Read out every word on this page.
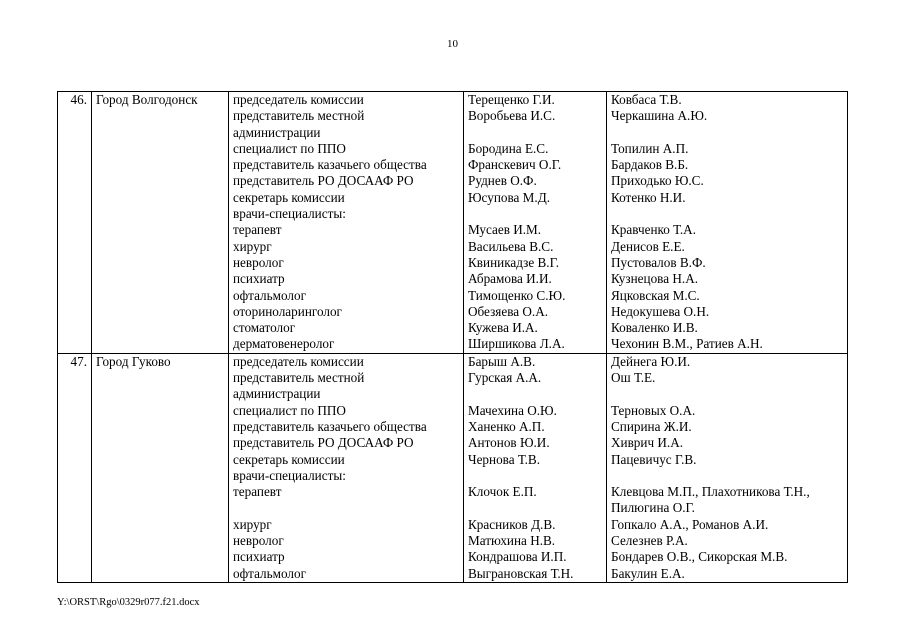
10
46.	Город Волгодонск	председатель комиссии	Терещенко Г.И.	Ковбаса Т.В.
		представитель местной	Воробьева И.С.	Черкашина А.Ю.
		администрации		
		специалист по ППО	Бородина Е.С.	Топилин А.П.
		представитель казачьего общества	Франскевич О.Г.	Бардаков В.Б.
		представитель РО ДОСААФ РО	Руднев О.Ф.	Приходько Ю.С.
		секретарь комиссии	Юсупова М.Д.	Котенко Н.И.
		врачи-специалисты:		
		терапевт	Мусаев И.М.	Кравченко Т.А.
		хирург	Васильева В.С.	Денисов Е.Е.
		невролог	Квиникадзе В.Г.	Пустовалов В.Ф.
		психиатр	Абрамова И.И.	Кузнецова Н.А.
		офтальмолог	Тимощенко С.Ю.	Яцковская М.С.
		оториноларинголог	Обезяева О.А.	Недокушева О.Н.
		стоматолог	Кужева И.А.	Коваленко И.В.
		дерматовенеролог	Ширшикова Л.А.	Чехонин В.М., Ратиев А.Н.
47.	Город Гуково	председатель комиссии	Барыш А.В.	Дейнега Ю.И.
		представитель местной	Гурская А.А.	Ош Т.Е.
		администрации		
		специалист по ППО	Мачехина О.Ю.	Терновых О.А.
		представитель казачьего общества	Ханенко А.П.	Спирина Ж.И.
		представитель РО ДОСААФ РО	Антонов Ю.И.	Хиврич И.А.
		секретарь комиссии	Чернова Т.В.	Пацевичус Г.В.
		врачи-специалисты:		
		терапевт	Клочок Е.П.	Клевцова М.П., Плахотникова Т.Н.,
				Пилюгина О.Г.
		хирург	Красников Д.В.	Гопкало А.А., Романов А.И.
		невролог	Матюхина Н.В.	Селезнев Р.А.
		психиатр	Кондрашова И.П.	Бондарев О.В., Сикорская М.В.
		офтальмолог	Выграновская Т.Н.	Бакулин Е.А.
Y:\ORST\Rgo\0329r077.f21.docx
